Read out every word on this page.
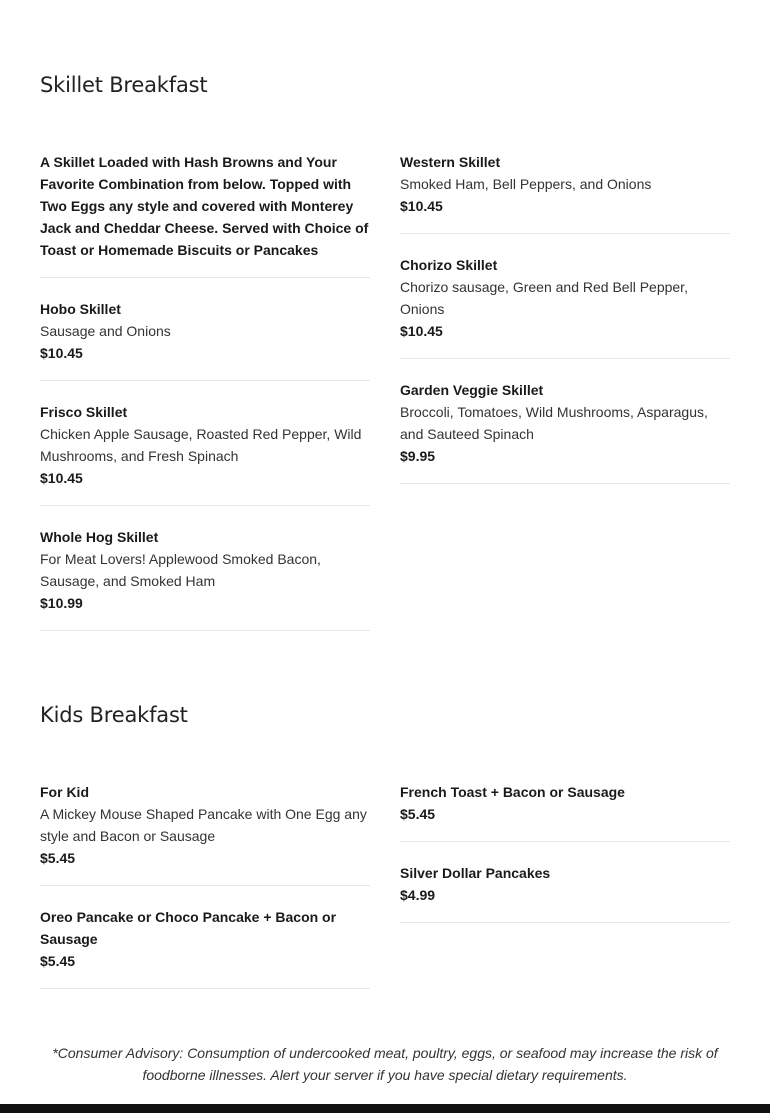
Skillet Breakfast
A Skillet Loaded with Hash Browns and Your Favorite Combination from below. Topped with Two Eggs any style and covered with Monterey Jack and Cheddar Cheese. Served with Choice of Toast or Homemade Biscuits or Pancakes
Hobo Skillet
Sausage and Onions
$10.45
Frisco Skillet
Chicken Apple Sausage, Roasted Red Pepper, Wild Mushrooms, and Fresh Spinach
$10.45
Whole Hog Skillet
For Meat Lovers! Applewood Smoked Bacon, Sausage, and Smoked Ham
$10.99
Western Skillet
Smoked Ham, Bell Peppers, and Onions
$10.45
Chorizo Skillet
Chorizo sausage, Green and Red Bell Pepper, Onions
$10.45
Garden Veggie Skillet
Broccoli, Tomatoes, Wild Mushrooms, Asparagus, and Sauteed Spinach
$9.95
Kids Breakfast
For Kid
A Mickey Mouse Shaped Pancake with One Egg any style and Bacon or Sausage
$5.45
Oreo Pancake or Choco Pancake + Bacon or Sausage
$5.45
French Toast + Bacon or Sausage
$5.45
Silver Dollar Pancakes
$4.99
*Consumer Advisory: Consumption of undercooked meat, poultry, eggs, or seafood may increase the risk of foodborne illnesses. Alert your server if you have special dietary requirements.
